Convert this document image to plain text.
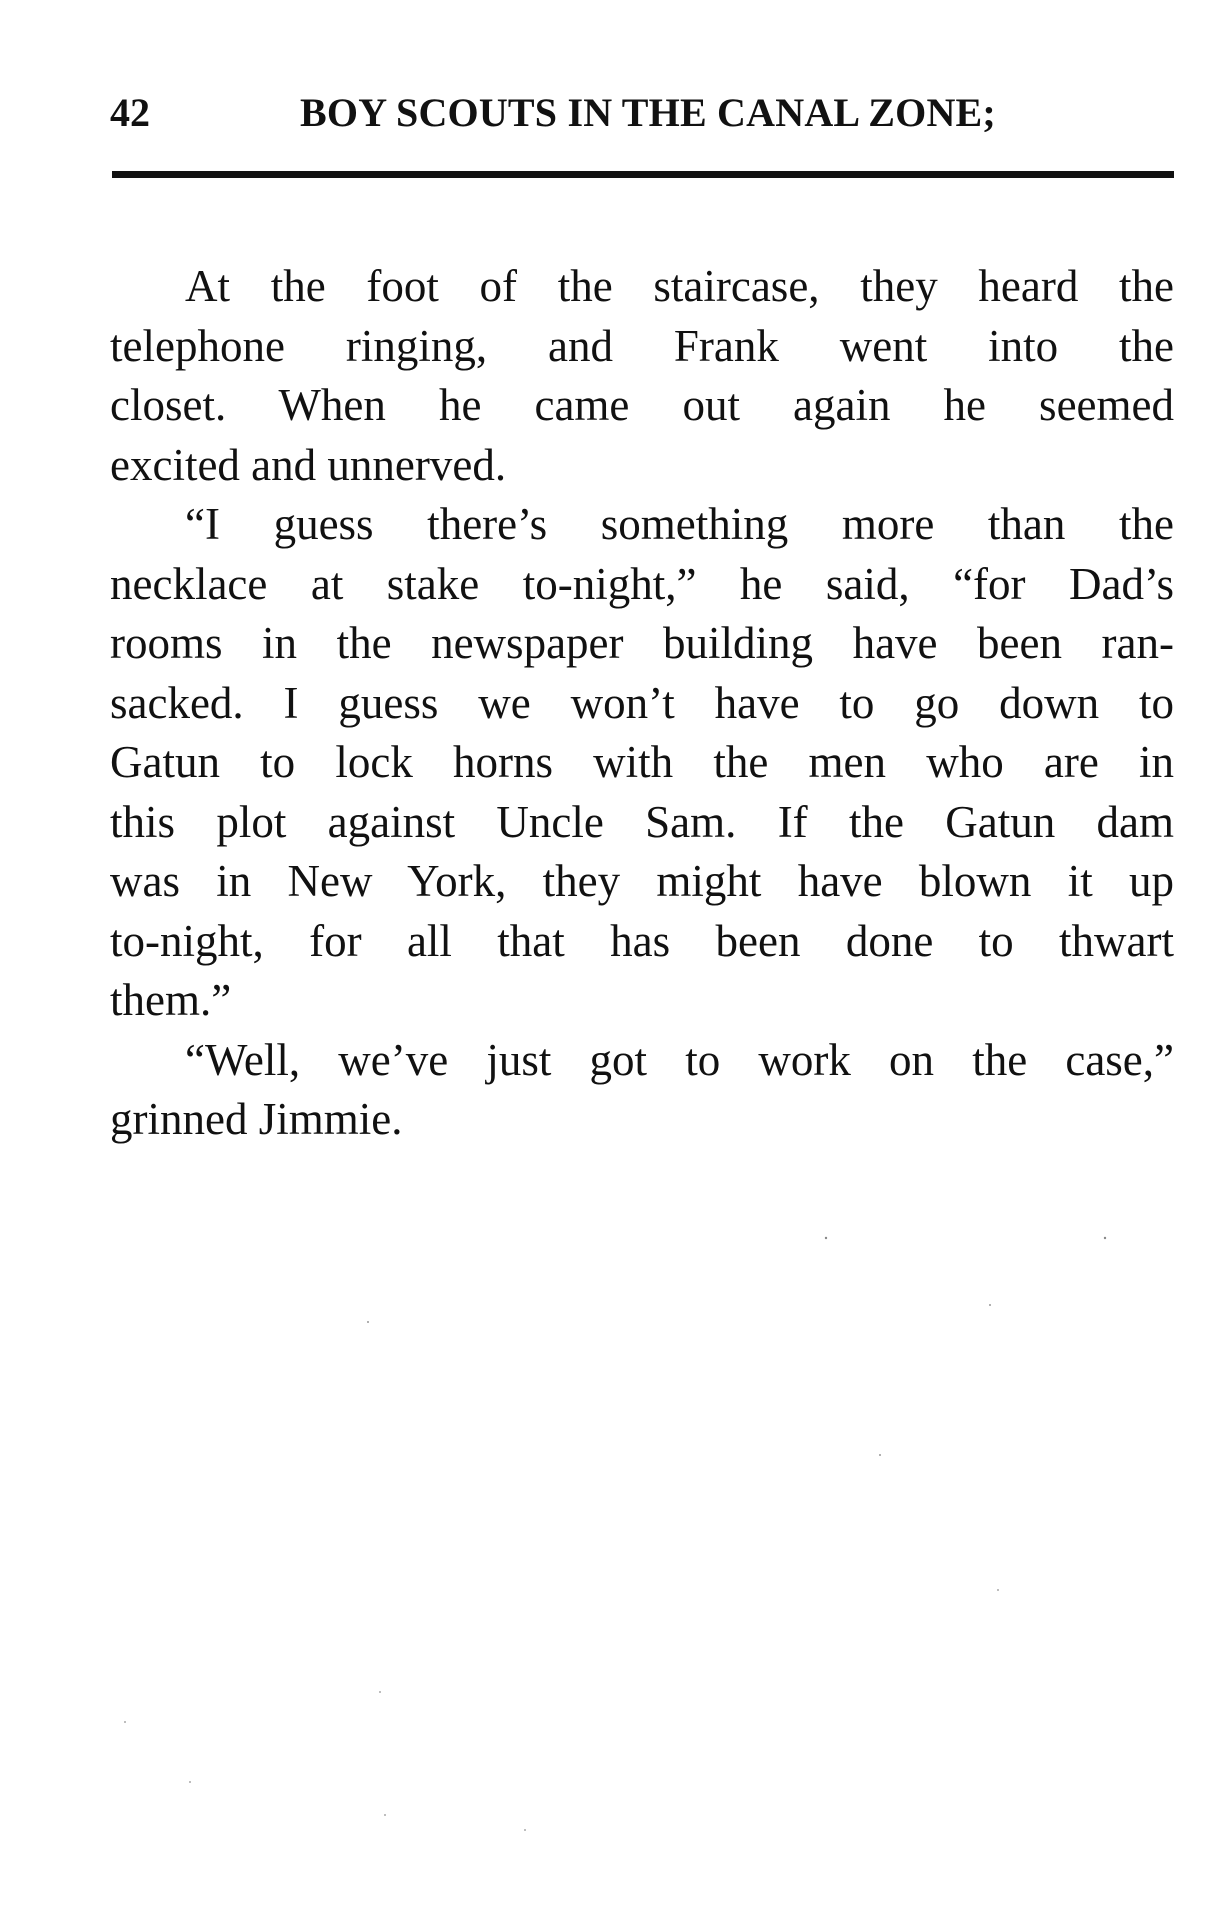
42	BOY SCOUTS IN THE CANAL ZONE;
At the foot of the staircase, they heard the
telephone ringing, and Frank went into the
closet. When he came out again he seemed
excited and unnerved.
“I guess there’s something more than the
necklace at stake to-night,” he said, “for Dad’s
rooms in the newspaper building have been ran-
sacked. I guess we won’t have to go down to
Gatun to lock horns with the men who are in
this plot against Uncle Sam. If the Gatun dam
was in New York, they might have blown it up
to-night, for all that has been done to thwart
them.”
“Well, we’ve just got to work on the case,”
grinned Jimmie.
